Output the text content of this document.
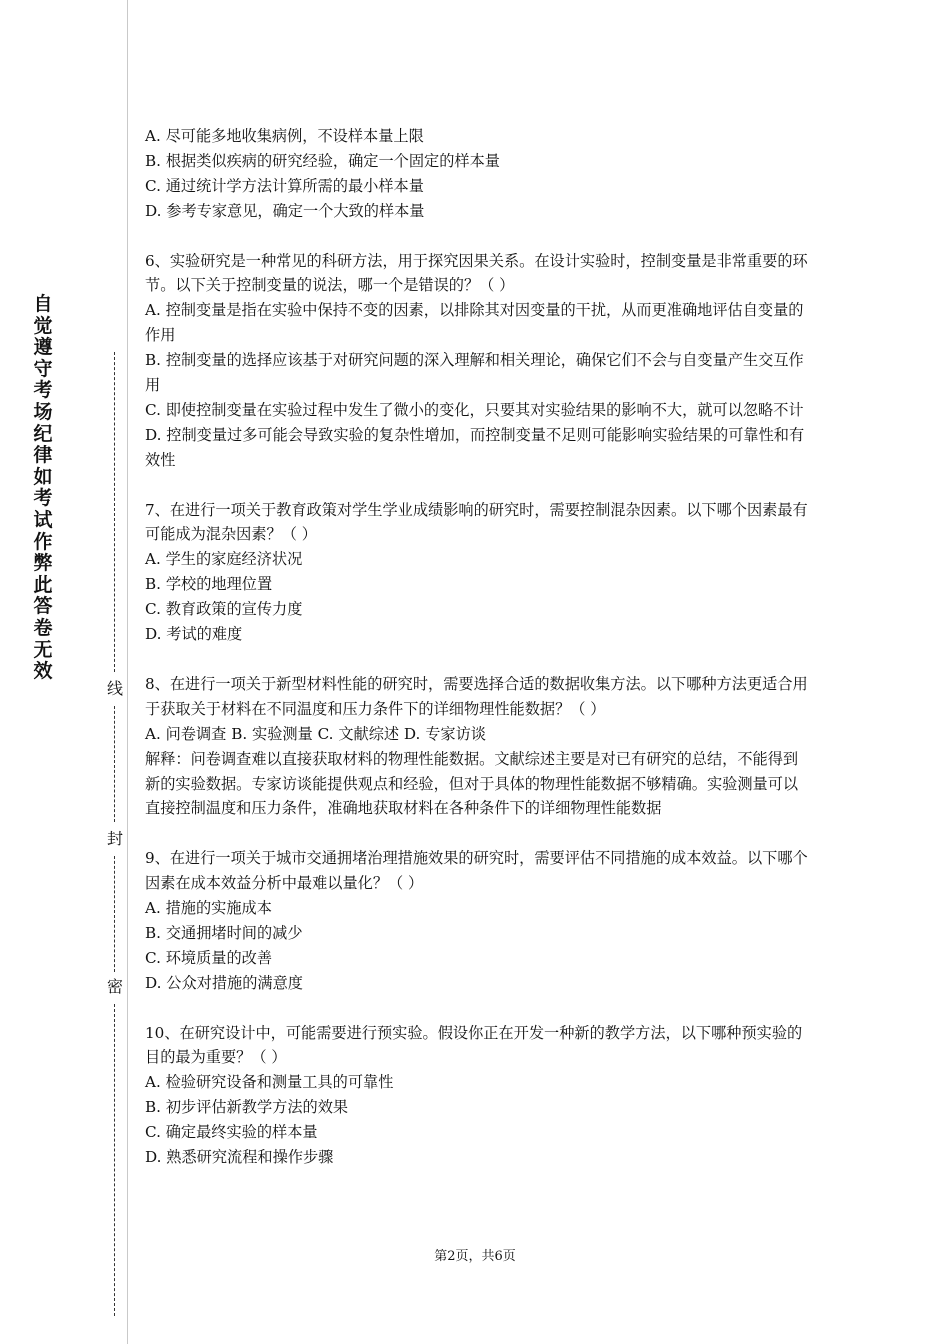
自觉遵守考场纪律如考试作弊此答卷无效
线
封
密

A. 尽可能多地收集病例，不设样本量上限

B. 根据类似疾病的研究经验，确定一个固定的样本量

C. 通过统计学方法计算所需的最小样本量

D. 参考专家意见，确定一个大致的样本量

6、实验研究是一种常见的科研方法，用于探究因果关系。在设计实验时，控制变量是非常重要的环节。以下关于控制变量的说法，哪一个是错误的？（ ）

A. 控制变量是指在实验中保持不变的因素，以排除其对因变量的干扰，从而更准确地评估自变量的作用

B. 控制变量的选择应该基于对研究问题的深入理解和相关理论，确保它们不会与自变量产生交互作用

C. 即使控制变量在实验过程中发生了微小的变化，只要其对实验结果的影响不大，就可以忽略不计

D. 控制变量过多可能会导致实验的复杂性增加，而控制变量不足则可能影响实验结果的可靠性和有效性

7、在进行一项关于教育政策对学生学业成绩影响的研究时，需要控制混杂因素。以下哪个因素最有可能成为混杂因素？（ ）

A. 学生的家庭经济状况

B. 学校的地理位置

C. 教育政策的宣传力度

D. 考试的难度

8、在进行一项关于新型材料性能的研究时，需要选择合适的数据收集方法。以下哪种方法更适合用于获取关于材料在不同温度和压力条件下的详细物理性能数据？（ ）

A. 问卷调查 B. 实验测量 C. 文献综述 D. 专家访谈

解释：问卷调查难以直接获取材料的物理性能数据。文献综述主要是对已有研究的总结，不能得到新的实验数据。专家访谈能提供观点和经验，但对于具体的物理性能数据不够精确。实验测量可以直接控制温度和压力条件，准确地获取材料在各种条件下的详细物理性能数据

9、在进行一项关于城市交通拥堵治理措施效果的研究时，需要评估不同措施的成本效益。以下哪个因素在成本效益分析中最难以量化？（ ）

A. 措施的实施成本

B. 交通拥堵时间的减少

C. 环境质量的改善

D. 公众对措施的满意度

10、在研究设计中，可能需要进行预实验。假设你正在开发一种新的教学方法，以下哪种预实验的目的最为重要？（ ）

A. 检验研究设备和测量工具的可靠性

B. 初步评估新教学方法的效果

C. 确定最终实验的样本量

D. 熟悉研究流程和操作步骤

第2页，共6页
